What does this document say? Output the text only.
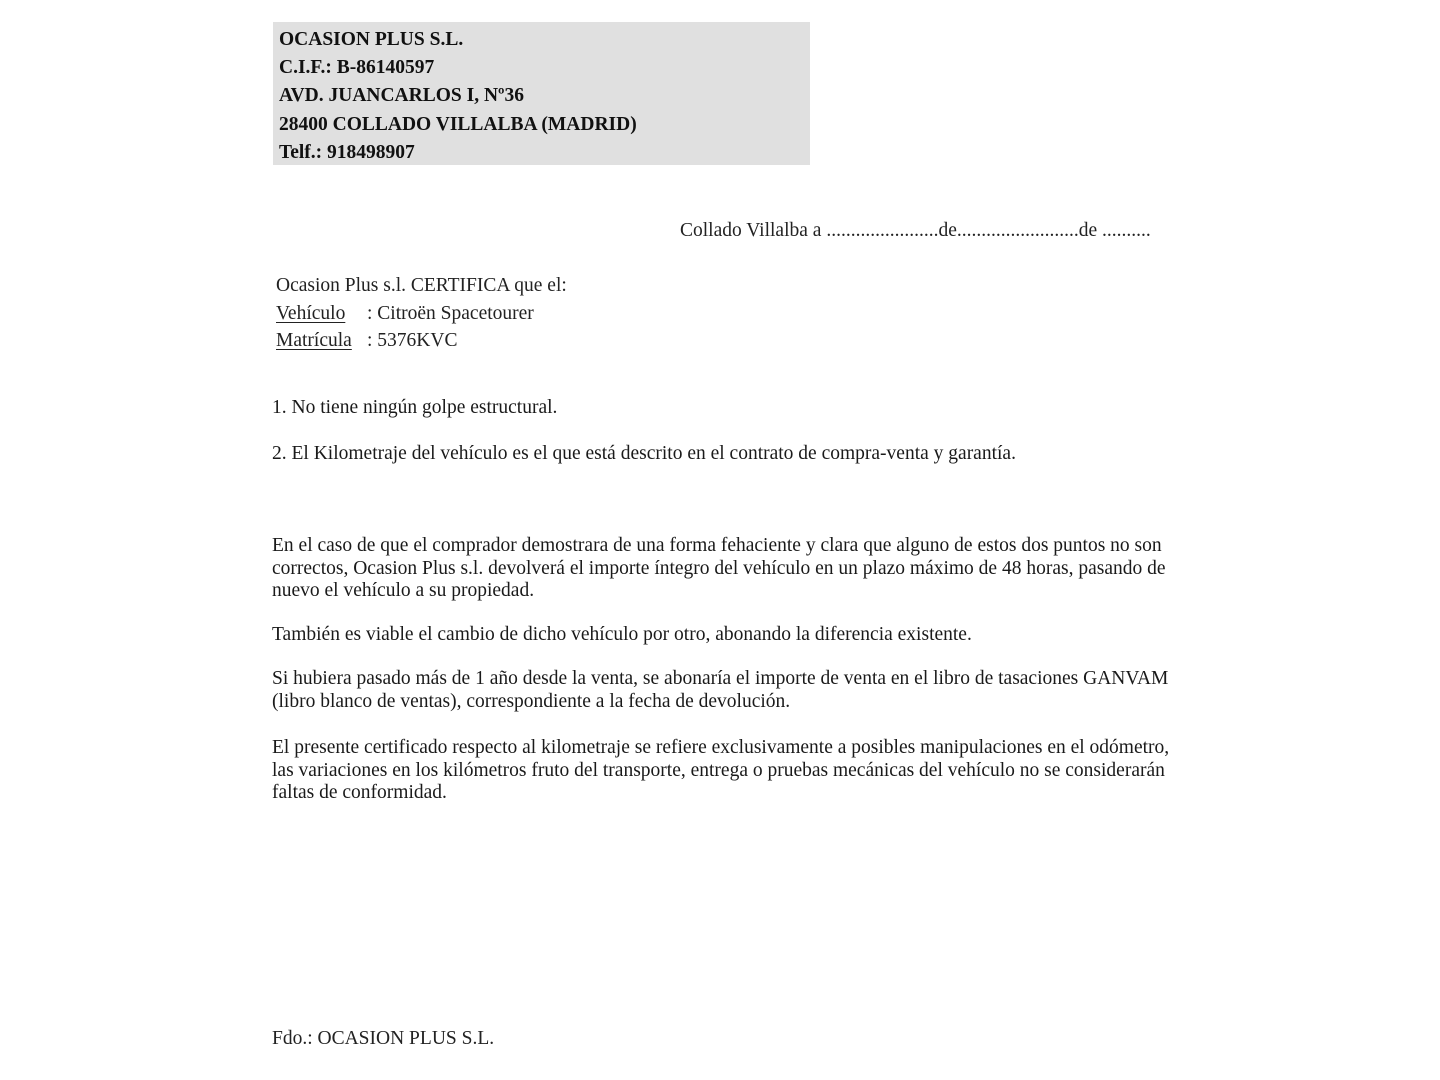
OCASION PLUS S.L.
C.I.F.: B-86140597
AVD. JUANCARLOS I, Nº36
28400 COLLADO VILLALBA (MADRID)
Telf.: 918498907
Collado Villalba a .......................de.........................de ..........
Ocasion Plus s.l. CERTIFICA que el:
Vehículo : Citroën Spacetourer
Matrícula : 5376KVC
1. No tiene ningún golpe estructural.
2. El Kilometraje del vehículo es el que está descrito en el contrato de compra-venta y garantía.
En el caso de que el comprador demostrara de una forma fehaciente y clara que alguno de estos dos puntos no son correctos, Ocasion Plus s.l. devolverá el importe íntegro del vehículo en un plazo máximo de 48 horas, pasando de nuevo el vehículo a su propiedad.
También es viable el cambio de dicho vehículo por otro, abonando la diferencia existente.
Si hubiera pasado más de 1 año desde la venta, se abonaría el importe de venta en el libro de tasaciones GANVAM (libro blanco de ventas), correspondiente a la fecha de devolución.
El presente certificado respecto al kilometraje se refiere exclusivamente a posibles manipulaciones en el odómetro, las variaciones en los kilómetros fruto del transporte, entrega o pruebas mecánicas del vehículo no se considerarán faltas de conformidad.
Fdo.: OCASION PLUS S.L.
